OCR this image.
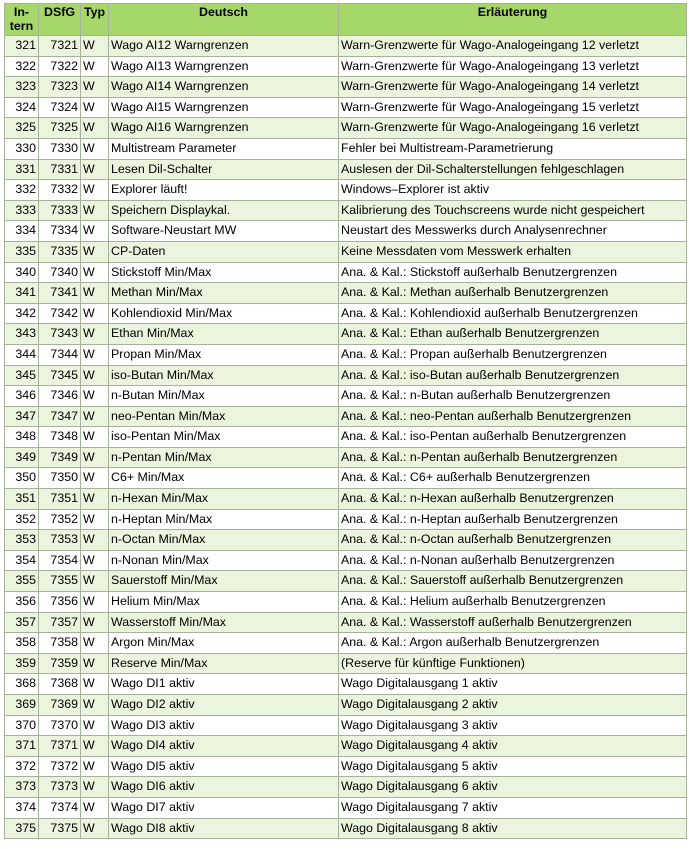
In-
tern	DSfG	Typ	Deutsch	Erläuterung
321	7321	W	Wago AI12 Warngrenzen	Warn-Grenzwerte für Wago-Analogeingang 12 verletzt
322	7322	W	Wago AI13 Warngrenzen	Warn-Grenzwerte für Wago-Analogeingang 13 verletzt
323	7323	W	Wago AI14 Warngrenzen	Warn-Grenzwerte für Wago-Analogeingang 14 verletzt
324	7324	W	Wago AI15 Warngrenzen	Warn-Grenzwerte für Wago-Analogeingang 15 verletzt
325	7325	W	Wago AI16 Warngrenzen	Warn-Grenzwerte für Wago-Analogeingang 16 verletzt
330	7330	W	Multistream Parameter	Fehler bei Multistream-Parametrierung
331	7331	W	Lesen Dil-Schalter	Auslesen der Dil-Schalterstellungen fehlgeschlagen
332	7332	W	Explorer läuft!	Windows–Explorer ist aktiv
333	7333	W	Speichern Displaykal.	Kalibrierung des Touchscreens wurde nicht gespeichert
334	7334	W	Software-Neustart MW	Neustart des Messwerks durch Analysenrechner
335	7335	W	CP-Daten	Keine Messdaten vom Messwerk erhalten
340	7340	W	Stickstoff Min/Max	Ana. & Kal.: Stickstoff außerhalb Benutzergrenzen
341	7341	W	Methan Min/Max	Ana. & Kal.: Methan außerhalb Benutzergrenzen
342	7342	W	Kohlendioxid Min/Max	Ana. & Kal.: Kohlendioxid außerhalb Benutzergrenzen
343	7343	W	Ethan Min/Max	Ana. & Kal.: Ethan außerhalb Benutzergrenzen
344	7344	W	Propan Min/Max	Ana. & Kal.: Propan außerhalb Benutzergrenzen
345	7345	W	iso-Butan Min/Max	Ana. & Kal.: iso-Butan außerhalb Benutzergrenzen
346	7346	W	n-Butan Min/Max	Ana. & Kal.: n-Butan außerhalb Benutzergrenzen
347	7347	W	neo-Pentan Min/Max	Ana. & Kal.: neo-Pentan außerhalb Benutzergrenzen
348	7348	W	iso-Pentan Min/Max	Ana. & Kal.: iso-Pentan außerhalb Benutzergrenzen
349	7349	W	n-Pentan Min/Max	Ana. & Kal.: n-Pentan außerhalb Benutzergrenzen
350	7350	W	C6+ Min/Max	Ana. & Kal.: C6+ außerhalb Benutzergrenzen
351	7351	W	n-Hexan Min/Max	Ana. & Kal.: n-Hexan außerhalb Benutzergrenzen
352	7352	W	n-Heptan Min/Max	Ana. & Kal.: n-Heptan außerhalb Benutzergrenzen
353	7353	W	n-Octan Min/Max	Ana. & Kal.: n-Octan außerhalb Benutzergrenzen
354	7354	W	n-Nonan Min/Max	Ana. & Kal.: n-Nonan außerhalb Benutzergrenzen
355	7355	W	Sauerstoff Min/Max	Ana. & Kal.: Sauerstoff außerhalb Benutzergrenzen
356	7356	W	Helium Min/Max	Ana. & Kal.: Helium außerhalb Benutzergrenzen
357	7357	W	Wasserstoff Min/Max	Ana. & Kal.: Wasserstoff außerhalb Benutzergrenzen
358	7358	W	Argon Min/Max	Ana. & Kal.: Argon außerhalb Benutzergrenzen
359	7359	W	Reserve Min/Max	(Reserve für künftige Funktionen)
368	7368	W	Wago DI1 aktiv	Wago Digitalausgang 1 aktiv
369	7369	W	Wago DI2 aktiv	Wago Digitalausgang 2 aktiv
370	7370	W	Wago DI3 aktiv	Wago Digitalausgang 3 aktiv
371	7371	W	Wago DI4 aktiv	Wago Digitalausgang 4 aktiv
372	7372	W	Wago DI5 aktiv	Wago Digitalausgang 5 aktiv
373	7373	W	Wago DI6 aktiv	Wago Digitalausgang 6 aktiv
374	7374	W	Wago DI7 aktiv	Wago Digitalausgang 7 aktiv
375	7375	W	Wago DI8 aktiv	Wago Digitalausgang 8 aktiv
